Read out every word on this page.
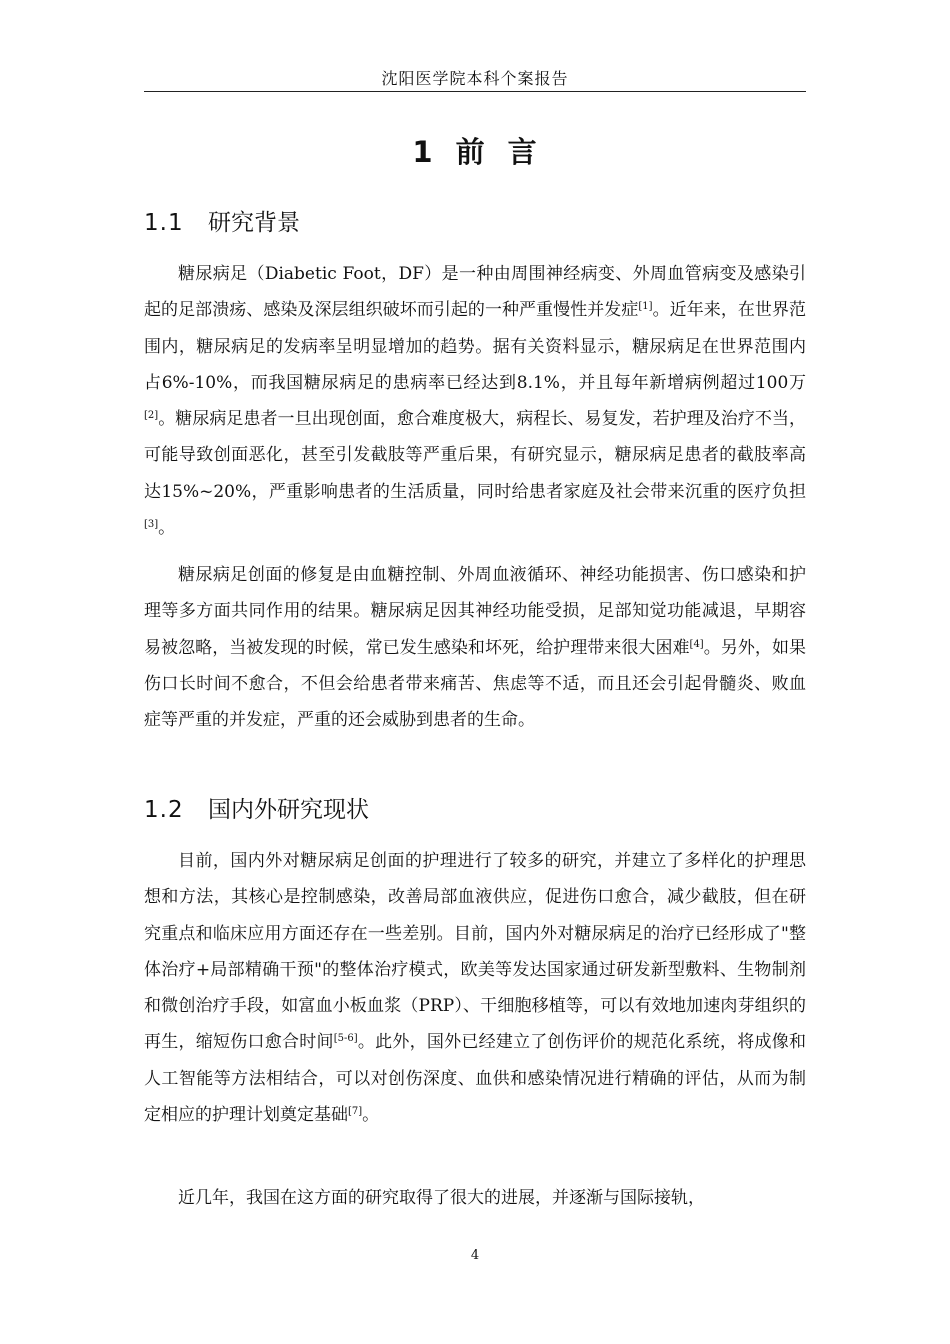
沈阳医学院本科个案报告
1 前 言
1.1 研究背景

糖尿病足（Diabetic Foot，DF）是一种由周围神经病变、外周血管病变及感染引起的足部溃疡、感染及深层组织破坏而引起的一种严重慢性并发症[1]。近年来，在世界范围内，糖尿病足的发病率呈明显增加的趋势。据有关资料显示，糖尿病足在世界范围内占6%-10%，而我国糖尿病足的患病率已经达到8.1%，并且每年新增病例超过100万[2]。糖尿病足患者一旦出现创面，愈合难度极大，病程长、易复发，若护理及治疗不当，可能导致创面恶化，甚至引发截肢等严重后果，有研究显示，糖尿病足患者的截肢率高达15%~20%，严重影响患者的生活质量，同时给患者家庭及社会带来沉重的医疗负担[3]。

糖尿病足创面的修复是由血糖控制、外周血液循环、神经功能损害、伤口感染和护理等多方面共同作用的结果。糖尿病足因其神经功能受损，足部知觉功能减退，早期容易被忽略，当被发现的时候，常已发生感染和坏死，给护理带来很大困难[4]。另外，如果伤口长时间不愈合，不但会给患者带来痛苦、焦虑等不适，而且还会引起骨髓炎、败血症等严重的并发症，严重的还会威胁到患者的生命。

1.2 国内外研究现状

目前，国内外对糖尿病足创面的护理进行了较多的研究，并建立了多样化的护理思想和方法，其核心是控制感染，改善局部血液供应，促进伤口愈合，减少截肢，但在研究重点和临床应用方面还存在一些差别。目前，国内外对糖尿病足的治疗已经形成了"整体治疗+局部精确干预"的整体治疗模式，欧美等发达国家通过研发新型敷料、生物制剂和微创治疗手段，如富血小板血浆（PRP）、干细胞移植等，可以有效地加速肉芽组织的再生，缩短伤口愈合时间[5-6]。此外，国外已经建立了创伤评价的规范化系统，将成像和人工智能等方法相结合，可以对创伤深度、血供和感染情况进行精确的评估，从而为制定相应的护理计划奠定基础[7]。

近几年，我国在这方面的研究取得了很大的进展，并逐渐与国际接轨，

4
